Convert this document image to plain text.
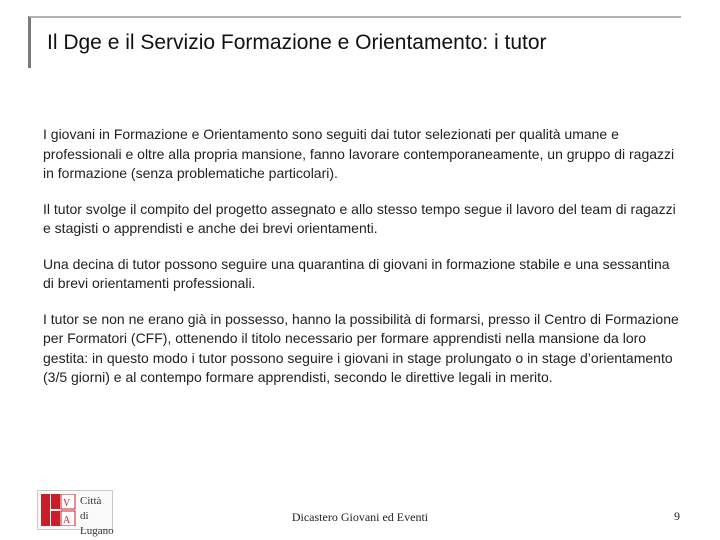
Il Dge e il Servizio Formazione e Orientamento: i tutor

I giovani in Formazione e Orientamento sono seguiti dai tutor selezionati per qualità umane e professionali e oltre alla propria mansione, fanno lavorare contemporaneamente, un gruppo di ragazzi in formazione (senza problematiche particolari).

Il tutor svolge il compito del progetto assegnato e allo stesso tempo segue il lavoro del team di ragazzi e stagisti o apprendisti e anche dei brevi orientamenti.

Una decina di tutor possono seguire una quarantina di giovani in formazione stabile e una sessantina di brevi orientamenti professionali.

I tutor se non ne erano già in possesso, hanno la possibilità di formarsi, presso il Centro di Formazione per Formatori (CFF), ottenendo il titolo necessario per formare apprendisti nella mansione da loro gestita: in questo modo i tutor possono seguire i giovani in stage prolungato o in stage d’orientamento (3/5 giorni) e al contempo formare apprendisti, secondo le direttive legali in merito.

V
A
Città di Lugano
Dicastero Giovani ed Eventi	9
